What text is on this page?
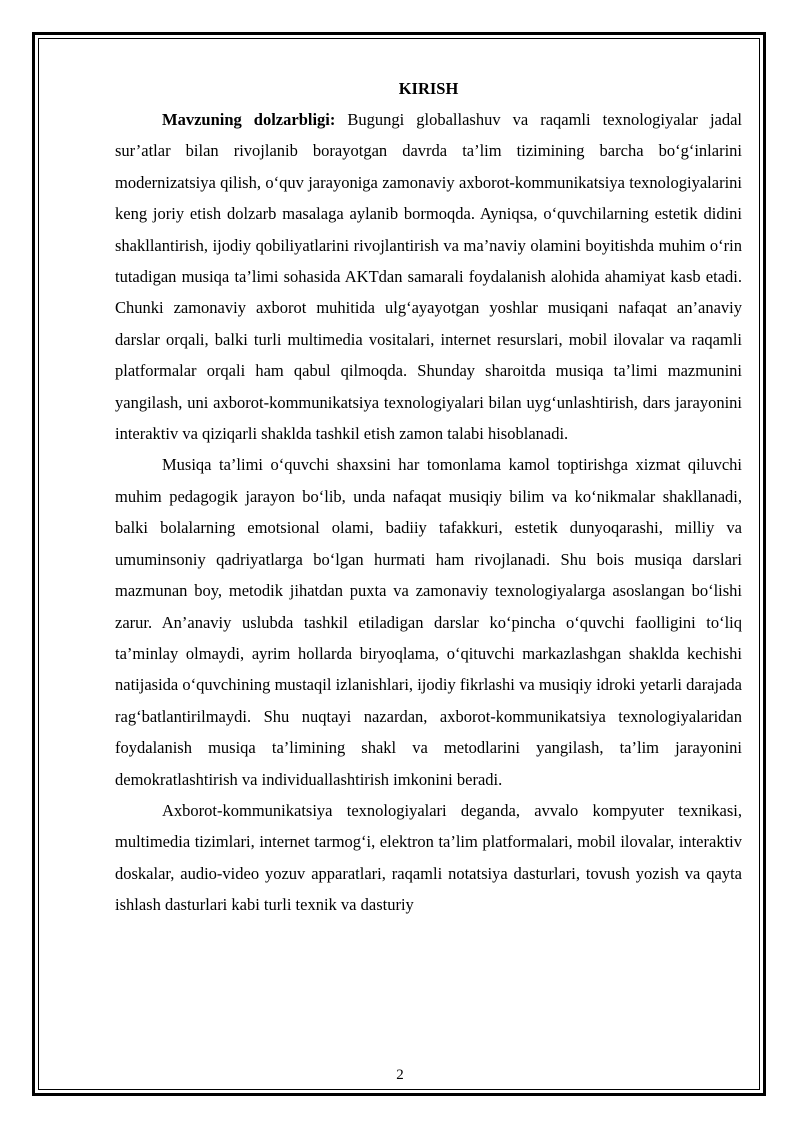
KIRISH

Mavzuning dolzarbligi: Bugungi globallashuv va raqamli texnologiyalar jadal sur’atlar bilan rivojlanib borayotgan davrda ta’lim tizimining barcha bo‘g‘inlarini modernizatsiya qilish, o‘quv jarayoniga zamonaviy axborot-kommunikatsiya texnologiyalarini keng joriy etish dolzarb masalaga aylanib bormoqda. Ayniqsa, o‘quvchilarning estetik didini shakllantirish, ijodiy qobiliyatlarini rivojlantirish va ma’naviy olamini boyitishda muhim o‘rin tutadigan musiqa ta’limi sohasida AKTdan samarali foydalanish alohida ahamiyat kasb etadi. Chunki zamonaviy axborot muhitida ulg‘ayayotgan yoshlar musiqani nafaqat an’anaviy darslar orqali, balki turli multimedia vositalari, internet resurslari, mobil ilovalar va raqamli platformalar orqali ham qabul qilmoqda. Shunday sharoitda musiqa ta’limi mazmunini yangilash, uni axborot-kommunikatsiya texnologiyalari bilan uyg‘unlashtirish, dars jarayonini interaktiv va qiziqarli shaklda tashkil etish zamon talabi hisoblanadi.

Musiqa ta’limi o‘quvchi shaxsini har tomonlama kamol toptirishga xizmat qiluvchi muhim pedagogik jarayon bo‘lib, unda nafaqat musiqiy bilim va ko‘nikmalar shakllanadi, balki bolalarning emotsional olami, badiiy tafakkuri, estetik dunyoqarashi, milliy va umuminsoniy qadriyatlarga bo‘lgan hurmati ham rivojlanadi. Shu bois musiqa darslari mazmunan boy, metodik jihatdan puxta va zamonaviy texnologiyalarga asoslangan bo‘lishi zarur. An’anaviy uslubda tashkil etiladigan darslar ko‘pincha o‘quvchi faolligini to‘liq ta’minlay olmaydi, ayrim hollarda biryoqlama, o‘qituvchi markazlashgan shaklda kechishi natijasida o‘quvchining mustaqil izlanishlari, ijodiy fikrlashi va musiqiy idroki yetarli darajada rag‘batlantirilmaydi. Shu nuqtayi nazardan, axborot-kommunikatsiya texnologiyalaridan foydalanish musiqa ta’limining shakl va metodlarini yangilash, ta’lim jarayonini demokratlashtirish va individuallashtirish imkonini beradi.

Axborot-kommunikatsiya texnologiyalari deganda, avvalo kompyuter texnikasi, multimedia tizimlari, internet tarmog‘i, elektron ta’lim platformalari, mobil ilovalar, interaktiv doskalar, audio-video yozuv apparatlari, raqamli notatsiya dasturlari, tovush yozish va qayta ishlash dasturlari kabi turli texnik va dasturiy

2
